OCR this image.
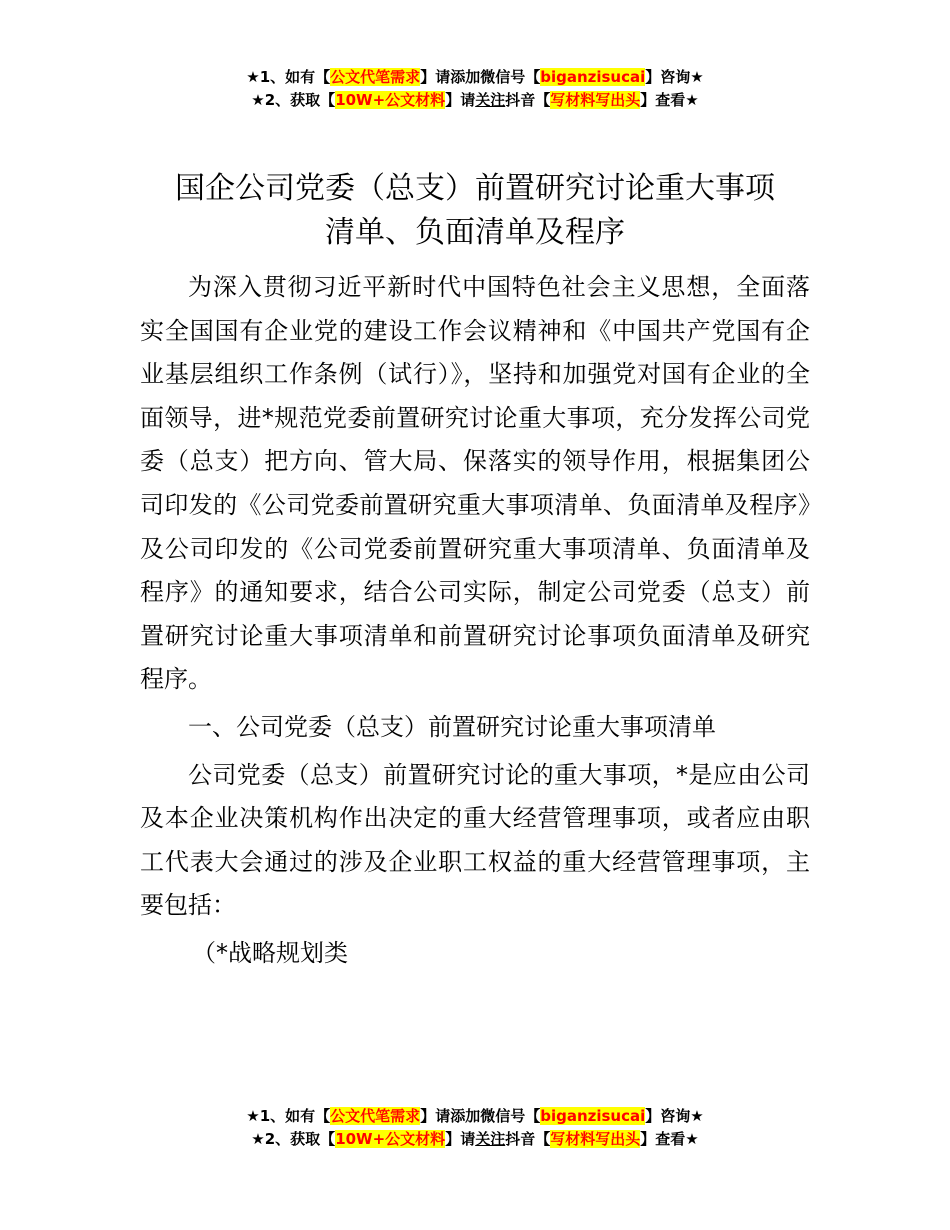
★1、如有【公文代笔需求】请添加微信号【biganzisucai】咨询★
★2、获取【10W+公文材料】请关注抖音【写材料写出头】查看★
国企公司党委（总支）前置研究讨论重大事项
清单、负面清单及程序

为深入贯彻习近平新时代中国特色社会主义思想，全面落实全国国有企业党的建设工作会议精神和《中国共产党国有企业基层组织工作条例（试行）》，坚持和加强党对国有企业的全面领导，进*规范党委前置研究讨论重大事项，充分发挥公司党委（总支）把方向、管大局、保落实的领导作用，根据集团公司印发的《公司党委前置研究重大事项清单、负面清单及程序》及公司印发的《公司党委前置研究重大事项清单、负面清单及程序》的通知要求，结合公司实际，制定公司党委（总支）前置研究讨论重大事项清单和前置研究讨论事项负面清单及研究程序。

一、公司党委（总支）前置研究讨论重大事项清单

公司党委（总支）前置研究讨论的重大事项，*是应由公司及本企业决策机构作出决定的重大经营管理事项，或者应由职工代表大会通过的涉及企业职工权益的重大经营管理事项，主要包括：

（*战略规划类

★1、如有【公文代笔需求】请添加微信号【biganzisucai】咨询★
★2、获取【10W+公文材料】请关注抖音【写材料写出头】查看★
